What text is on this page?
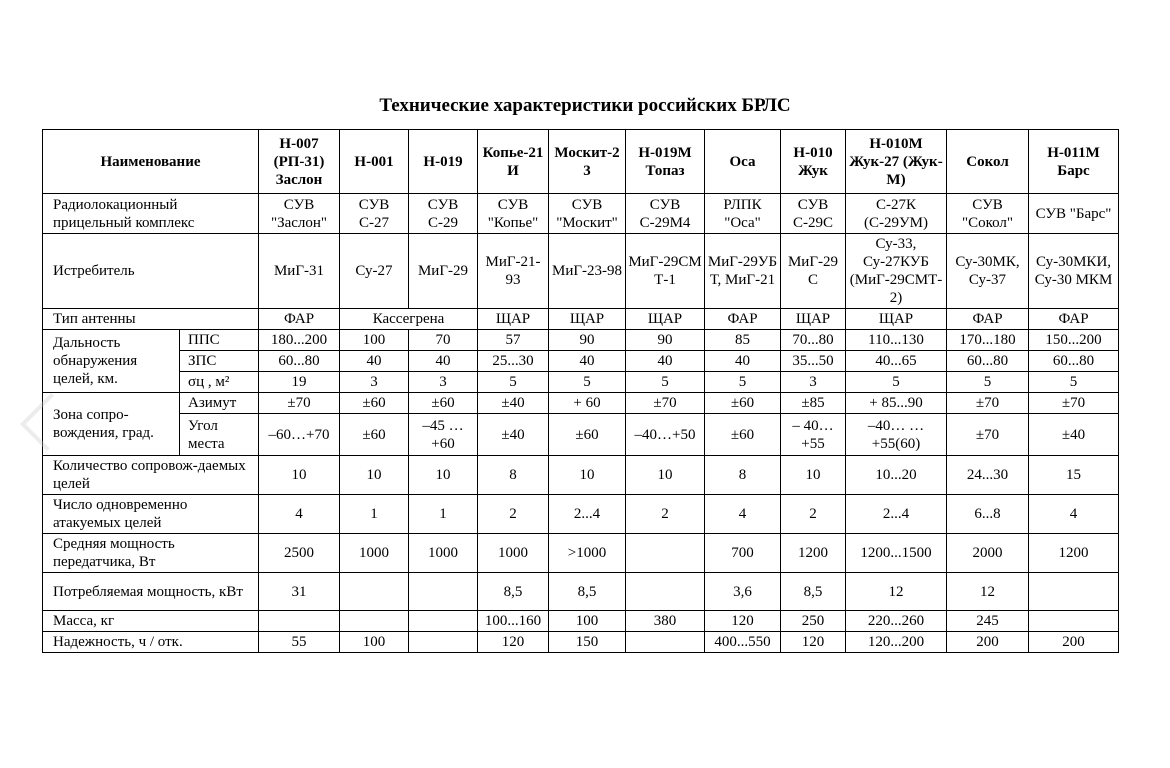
Технические характеристики российских БРЛС
Наименование		Н-007 (РП-31) Заслон	Н-001	Н-019	Копье-21И	Москит-23	Н-019М Топаз	Оса	Н-010 Жук	Н-010М Жук-27 (Жук-М)	Сокол	Н-011М Барс
Радиолокационный прицельный комплекс		СУВ "Заслон"	СУВ С-27	СУВ С-29	СУВ "Копье"	СУВ "Москит"	СУВ С-29М4	РЛПК "Оса"	СУВ С-29С	С-27К (С-29УМ)	СУВ "Сокол"	СУВ "Барс"
Истребитель		МиГ-31	Су-27	МиГ-29	МиГ-21-93	МиГ-23-98	МиГ-29СМТ-1	МиГ-29УБТ, МиГ-21	МиГ-29С	Су-33, Су-27КУБ (МиГ-29СМТ-2)	Су-30МК, Су-37	Су-30МКИ, Су-30 МКМ
Тип антенны		ФАР	Кассегрена		ЩАР	ЩАР	ЩАР	ФАР	ЩАР	ЩАР	ФАР	ФАР
Дальность обнаружения целей, км.	ППС	180...200	100	70	57	90	90	85	70...80	110...130	170...180	150...200
	ЗПС	60...80	40	40	25...30	40	40	40	35...50	40...65	60...80	60...80
	σц , м²	19	3	3	5	5	5	5	3	5	5	5
Зона сопро-вождения, град.	Азимут	±70	±60	±60	±40	+ 60	±70	±60	±85	+ 85...90	±70	±70
	Угол места	–60…+70	±60	–45 …+60	±40	±60	–40…+50	±60	– 40…+55	–40… …+55(60)	±70	±40
Количество сопровож-даемых целей		10	10	10	8	10	10	8	10	10...20	24...30	15
Число одновременно атакуемых целей		4	1	1	2	2...4	2	4	2	2...4	6...8	4
Средняя мощность передатчика, Вт		2500	1000	1000	1000	>1000		700	1200	1200...1500	2000	1200
Потребляемая мощность, кВт		31			8,5	8,5		3,6	8,5	12	12	
Масса, кг					100...160	100	380	120	250	220...260	245	
Надежность, ч / отк.		55	100		120	150		400...550	120	120...200	200	200
